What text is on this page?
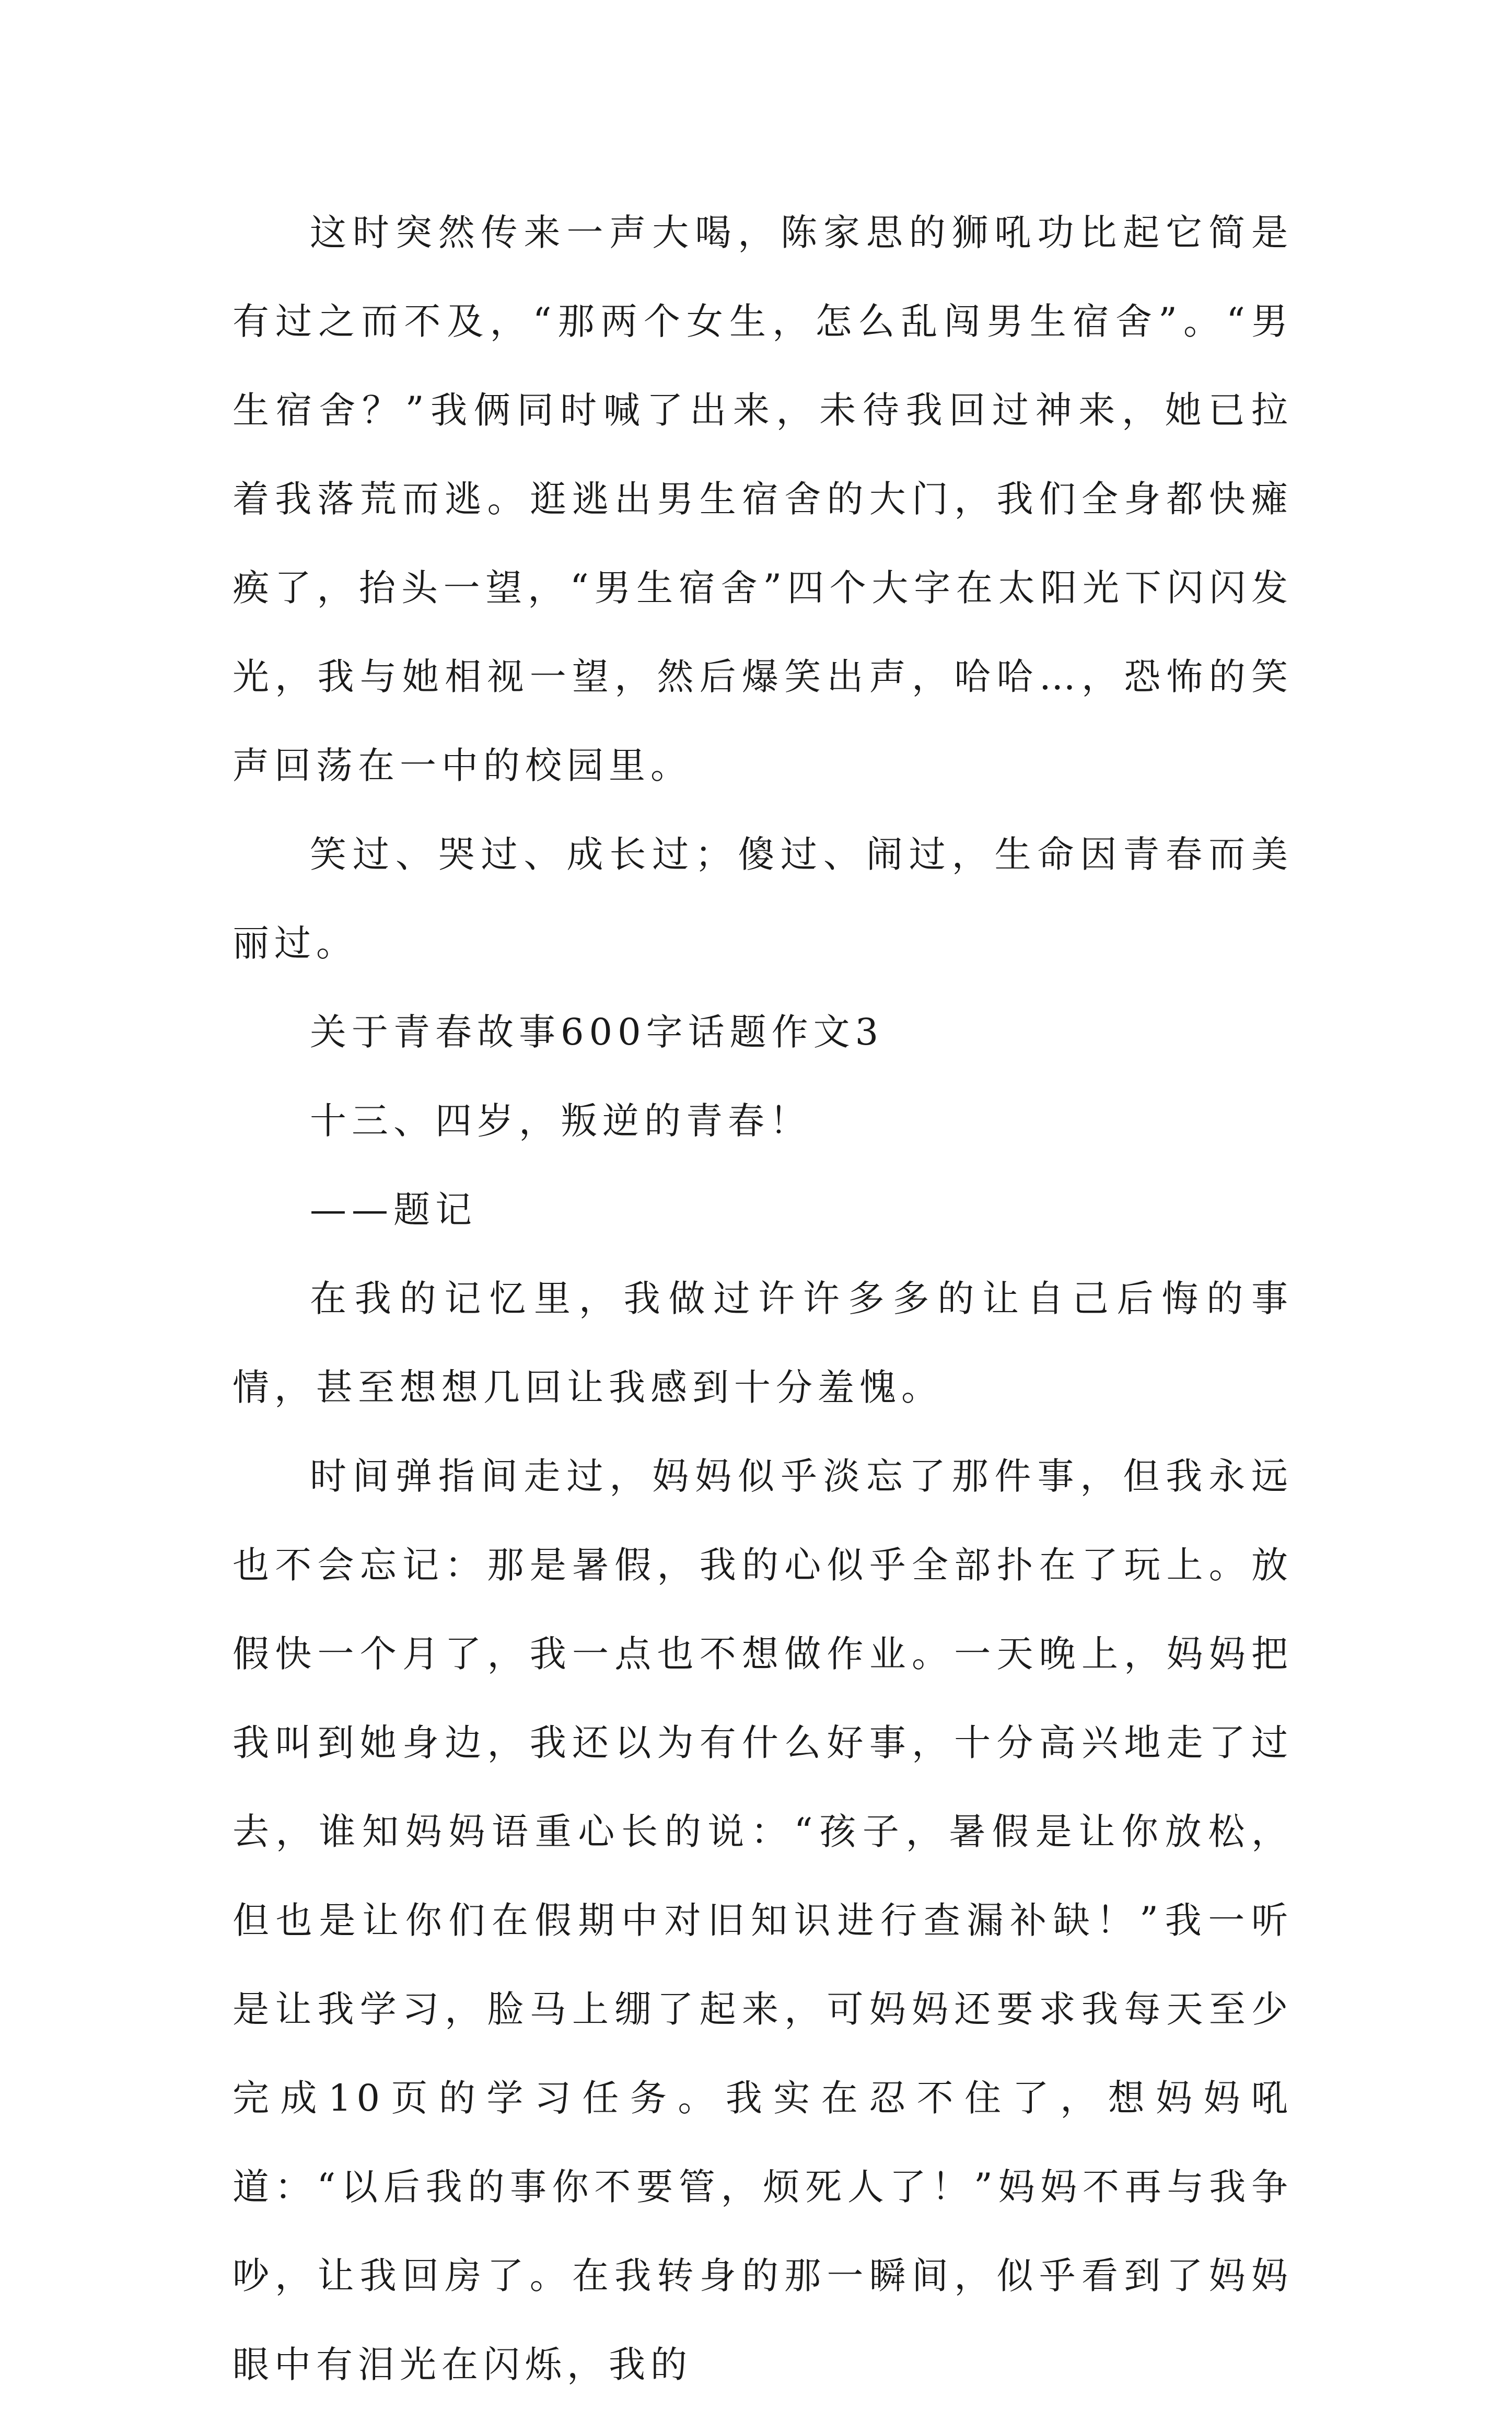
这时突然传来一声大喝，陈家思的狮吼功比起它简是有过之而不及，“那两个女生，怎么乱闯男生宿舍”。“男生宿舍？”我俩同时喊了出来，未待我回过神来，她已拉着我落荒而逃。逛逃出男生宿舍的大门，我们全身都快瘫痪了，抬头一望，“男生宿舍”四个大字在太阳光下闪闪发光，我与她相视一望，然后爆笑出声，哈哈…，恐怖的笑声回荡在一中的校园里。

笑过、哭过、成长过；傻过、闹过，生命因青春而美丽过。

关于青春故事600字话题作文3

十三、四岁，叛逆的青春！

——题记

在我的记忆里，我做过许许多多的让自己后悔的事情，甚至想想几回让我感到十分羞愧。

时间弹指间走过，妈妈似乎淡忘了那件事，但我永远也不会忘记：那是暑假，我的心似乎全部扑在了玩上。放假快一个月了，我一点也不想做作业。一天晚上，妈妈把我叫到她身边，我还以为有什么好事，十分高兴地走了过去，谁知妈妈语重心长的说：“孩子，暑假是让你放松，但也是让你们在假期中对旧知识进行查漏补缺！”我一听是让我学习，脸马上绷了起来，可妈妈还要求我每天至少完成10页的学习任务。我实在忍不住了，想妈妈吼道：“以后我的事你不要管，烦死人了！”妈妈不再与我争吵，让我回房了。在我转身的那一瞬间，似乎看到了妈妈眼中有泪光在闪烁，我的
